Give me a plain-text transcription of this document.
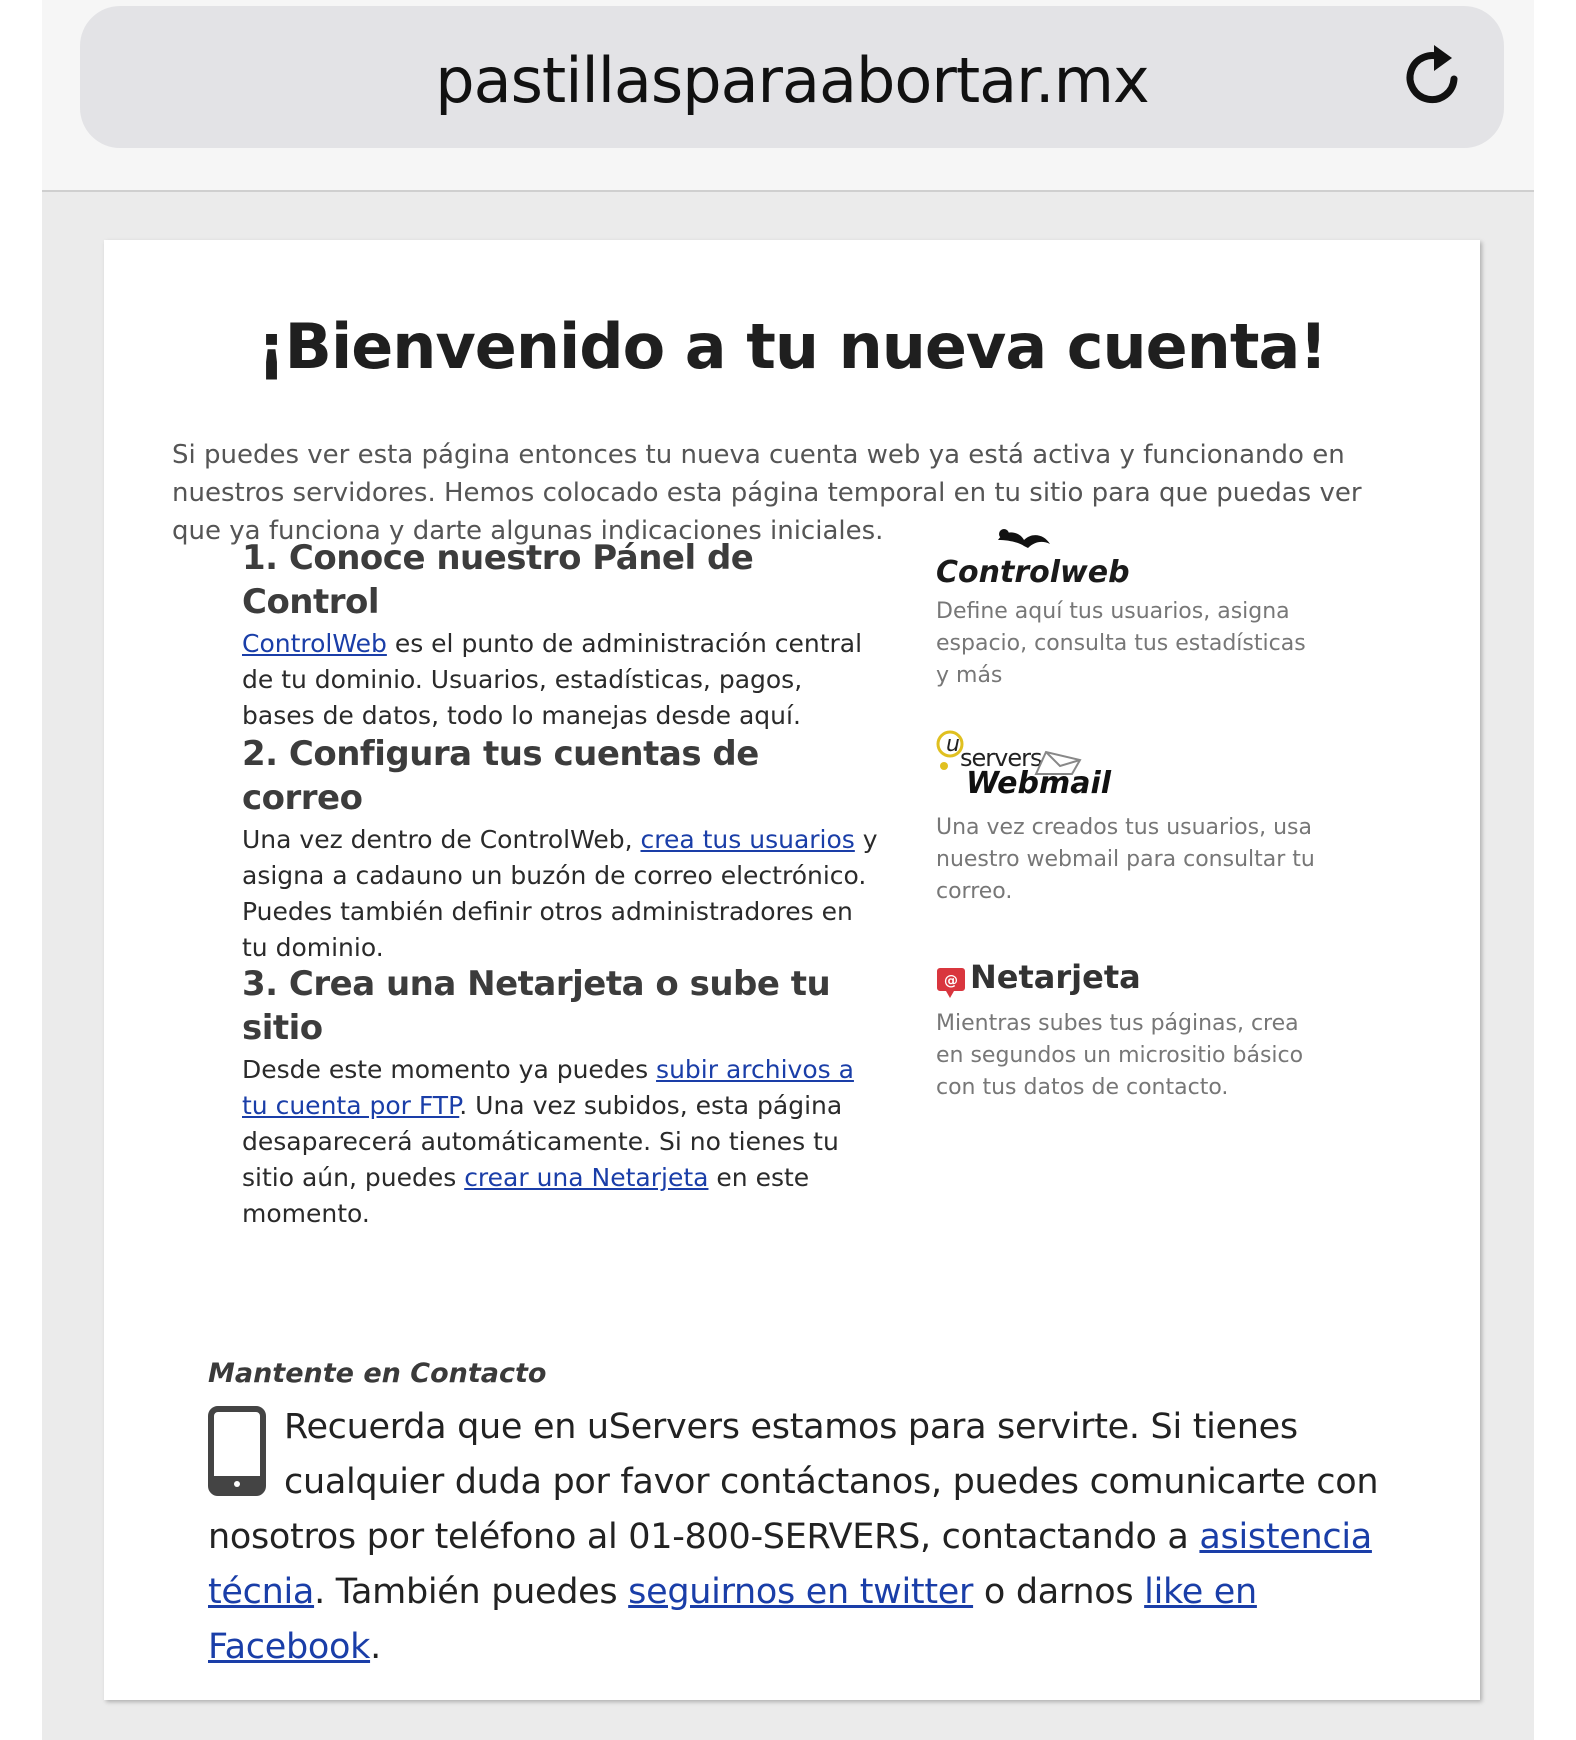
pastillasparaabortar.mx
¡Bienvenido a tu nueva cuenta!
Si puedes ver esta página entonces tu nueva cuenta web ya está activa y funcionando en nuestros servidores. Hemos colocado esta página temporal en tu sitio para que puedas ver que ya funciona y darte algunas indicaciones iniciales.
1. Conoce nuestro Pánel de Control

ControlWeb es el punto de administración central de tu dominio. Usuarios, estadísticas, pagos, bases de datos, todo lo manejas desde aquí.

Controlweb
Define aquí tus usuarios, asigna espacio, consulta tus estadísticas y más
2. Configura tus cuentas de correo

Una vez dentro de ControlWeb, crea tus usuarios y asigna a cadauno un buzón de correo electrónico. Puedes también definir otros administradores en tu dominio.

u servers
Webmail
Una vez creados tus usuarios, usa nuestro webmail para consultar tu correo.
3. Crea una Netarjeta o sube tu sitio

Desde este momento ya puedes subir archivos a tu cuenta por FTP. Una vez subidos, esta página desaparecerá automáticamente. Si no tienes tu sitio aún, puedes crear una Netarjeta en este momento.

@ Netarjeta
Mientras subes tus páginas, crea en segundos un micrositio básico con tus datos de contacto.
Mantente en Contacto
Recuerda que en uServers estamos para servirte. Si tienes cualquier duda por favor contáctanos, puedes comunicarte con nosotros por teléfono al 01-800-SERVERS, contactando a asistencia técnia. También puedes seguirnos en twitter o darnos like en Facebook.
